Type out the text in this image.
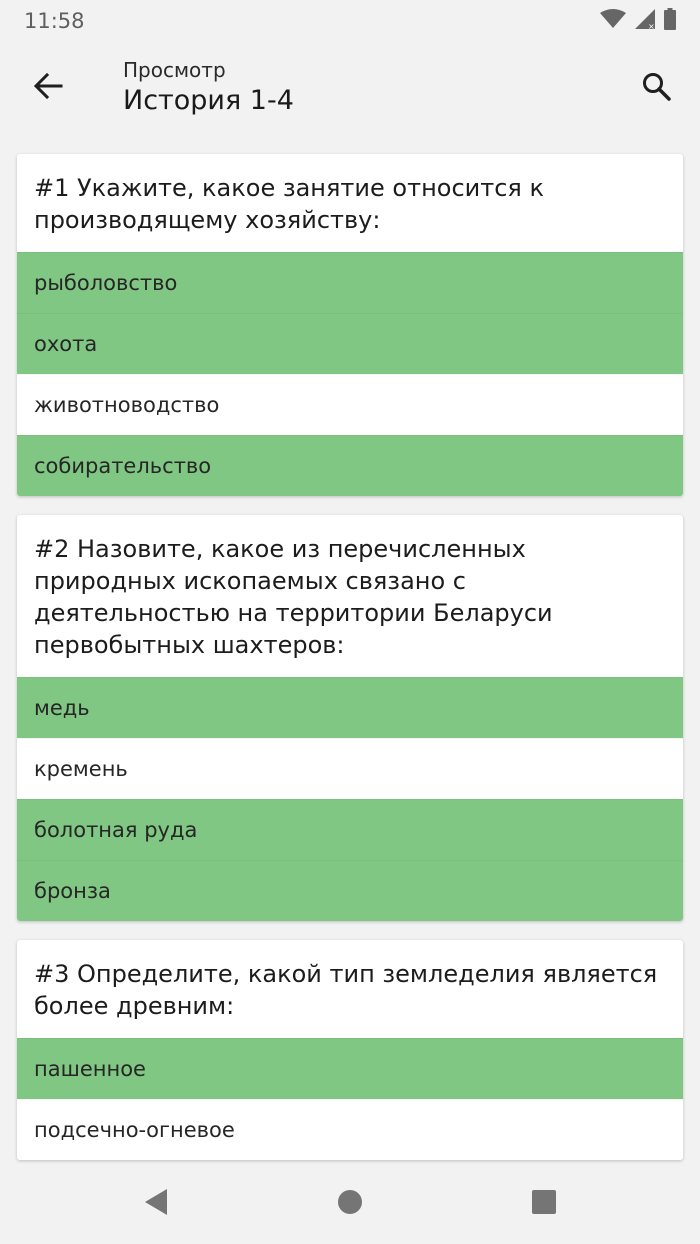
11:58	×
Просмотр
История 1-4
#1 Укажите, какое занятие относится к производящему хозяйству:
рыболовство
охота
животноводство
собирательство
#2 Назовите, какое из перечисленных природных ископаемых связано с деятельностью на территории Беларуси первобытных шахтеров:
медь
кремень
болотная руда
бронза
#3 Определите, какой тип земледелия является более древним:
пашенное
подсечно-огневое
